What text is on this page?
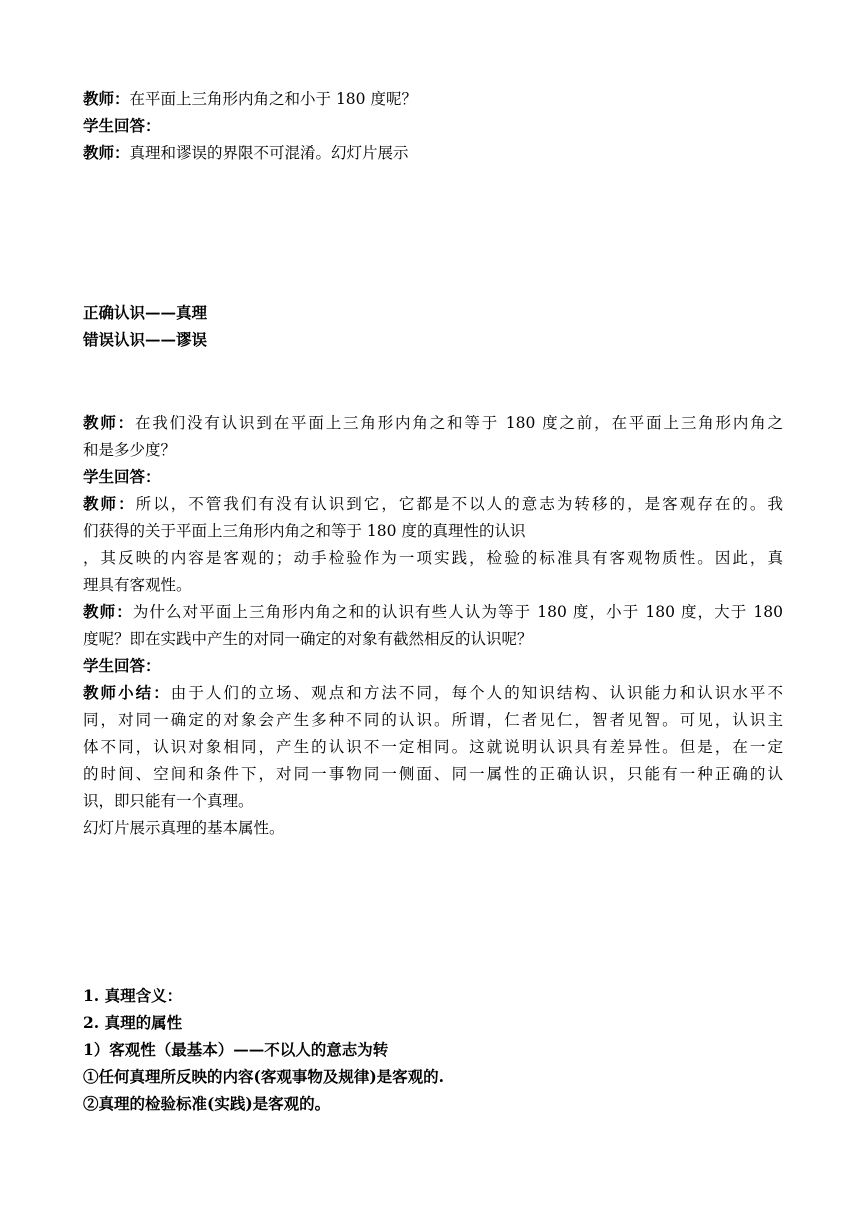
教师：在平面上三角形内角之和小于 180 度呢？
学生回答：
教师：真理和谬误的界限不可混淆。幻灯片展示
正确认识——真理
错误认识——谬误
教师：在我们没有认识到在平面上三角形内角之和等于 180 度之前，在平面上三角形内角之
和是多少度？
学生回答：
教师：所以，不管我们有没有认识到它，它都是不以人的意志为转移的，是客观存在的。我
们获得的关于平面上三角形内角之和等于 180 度的真理性的认识
，其反映的内容是客观的；动手检验作为一项实践，检验的标准具有客观物质性。因此，真
理具有客观性。
教师：为什么对平面上三角形内角之和的认识有些人认为等于 180 度，小于 180 度，大于 180
度呢？即在实践中产生的对同一确定的对象有截然相反的认识呢？
学生回答：
教师小结：由于人们的立场、观点和方法不同，每个人的知识结构、认识能力和认识水平不
同，对同一确定的对象会产生多种不同的认识。所谓，仁者见仁，智者见智。可见，认识主
体不同，认识对象相同，产生的认识不一定相同。这就说明认识具有差异性。但是，在一定
的时间、空间和条件下，对同一事物同一侧面、同一属性的正确认识，只能有一种正确的认
识，即只能有一个真理。
幻灯片展示真理的基本属性。
1. 真理含义：
2. 真理的属性
1）客观性（最基本）——不以人的意志为转
①任何真理所反映的内容(客观事物及规律)是客观的.
②真理的检验标准(实践)是客观的。
